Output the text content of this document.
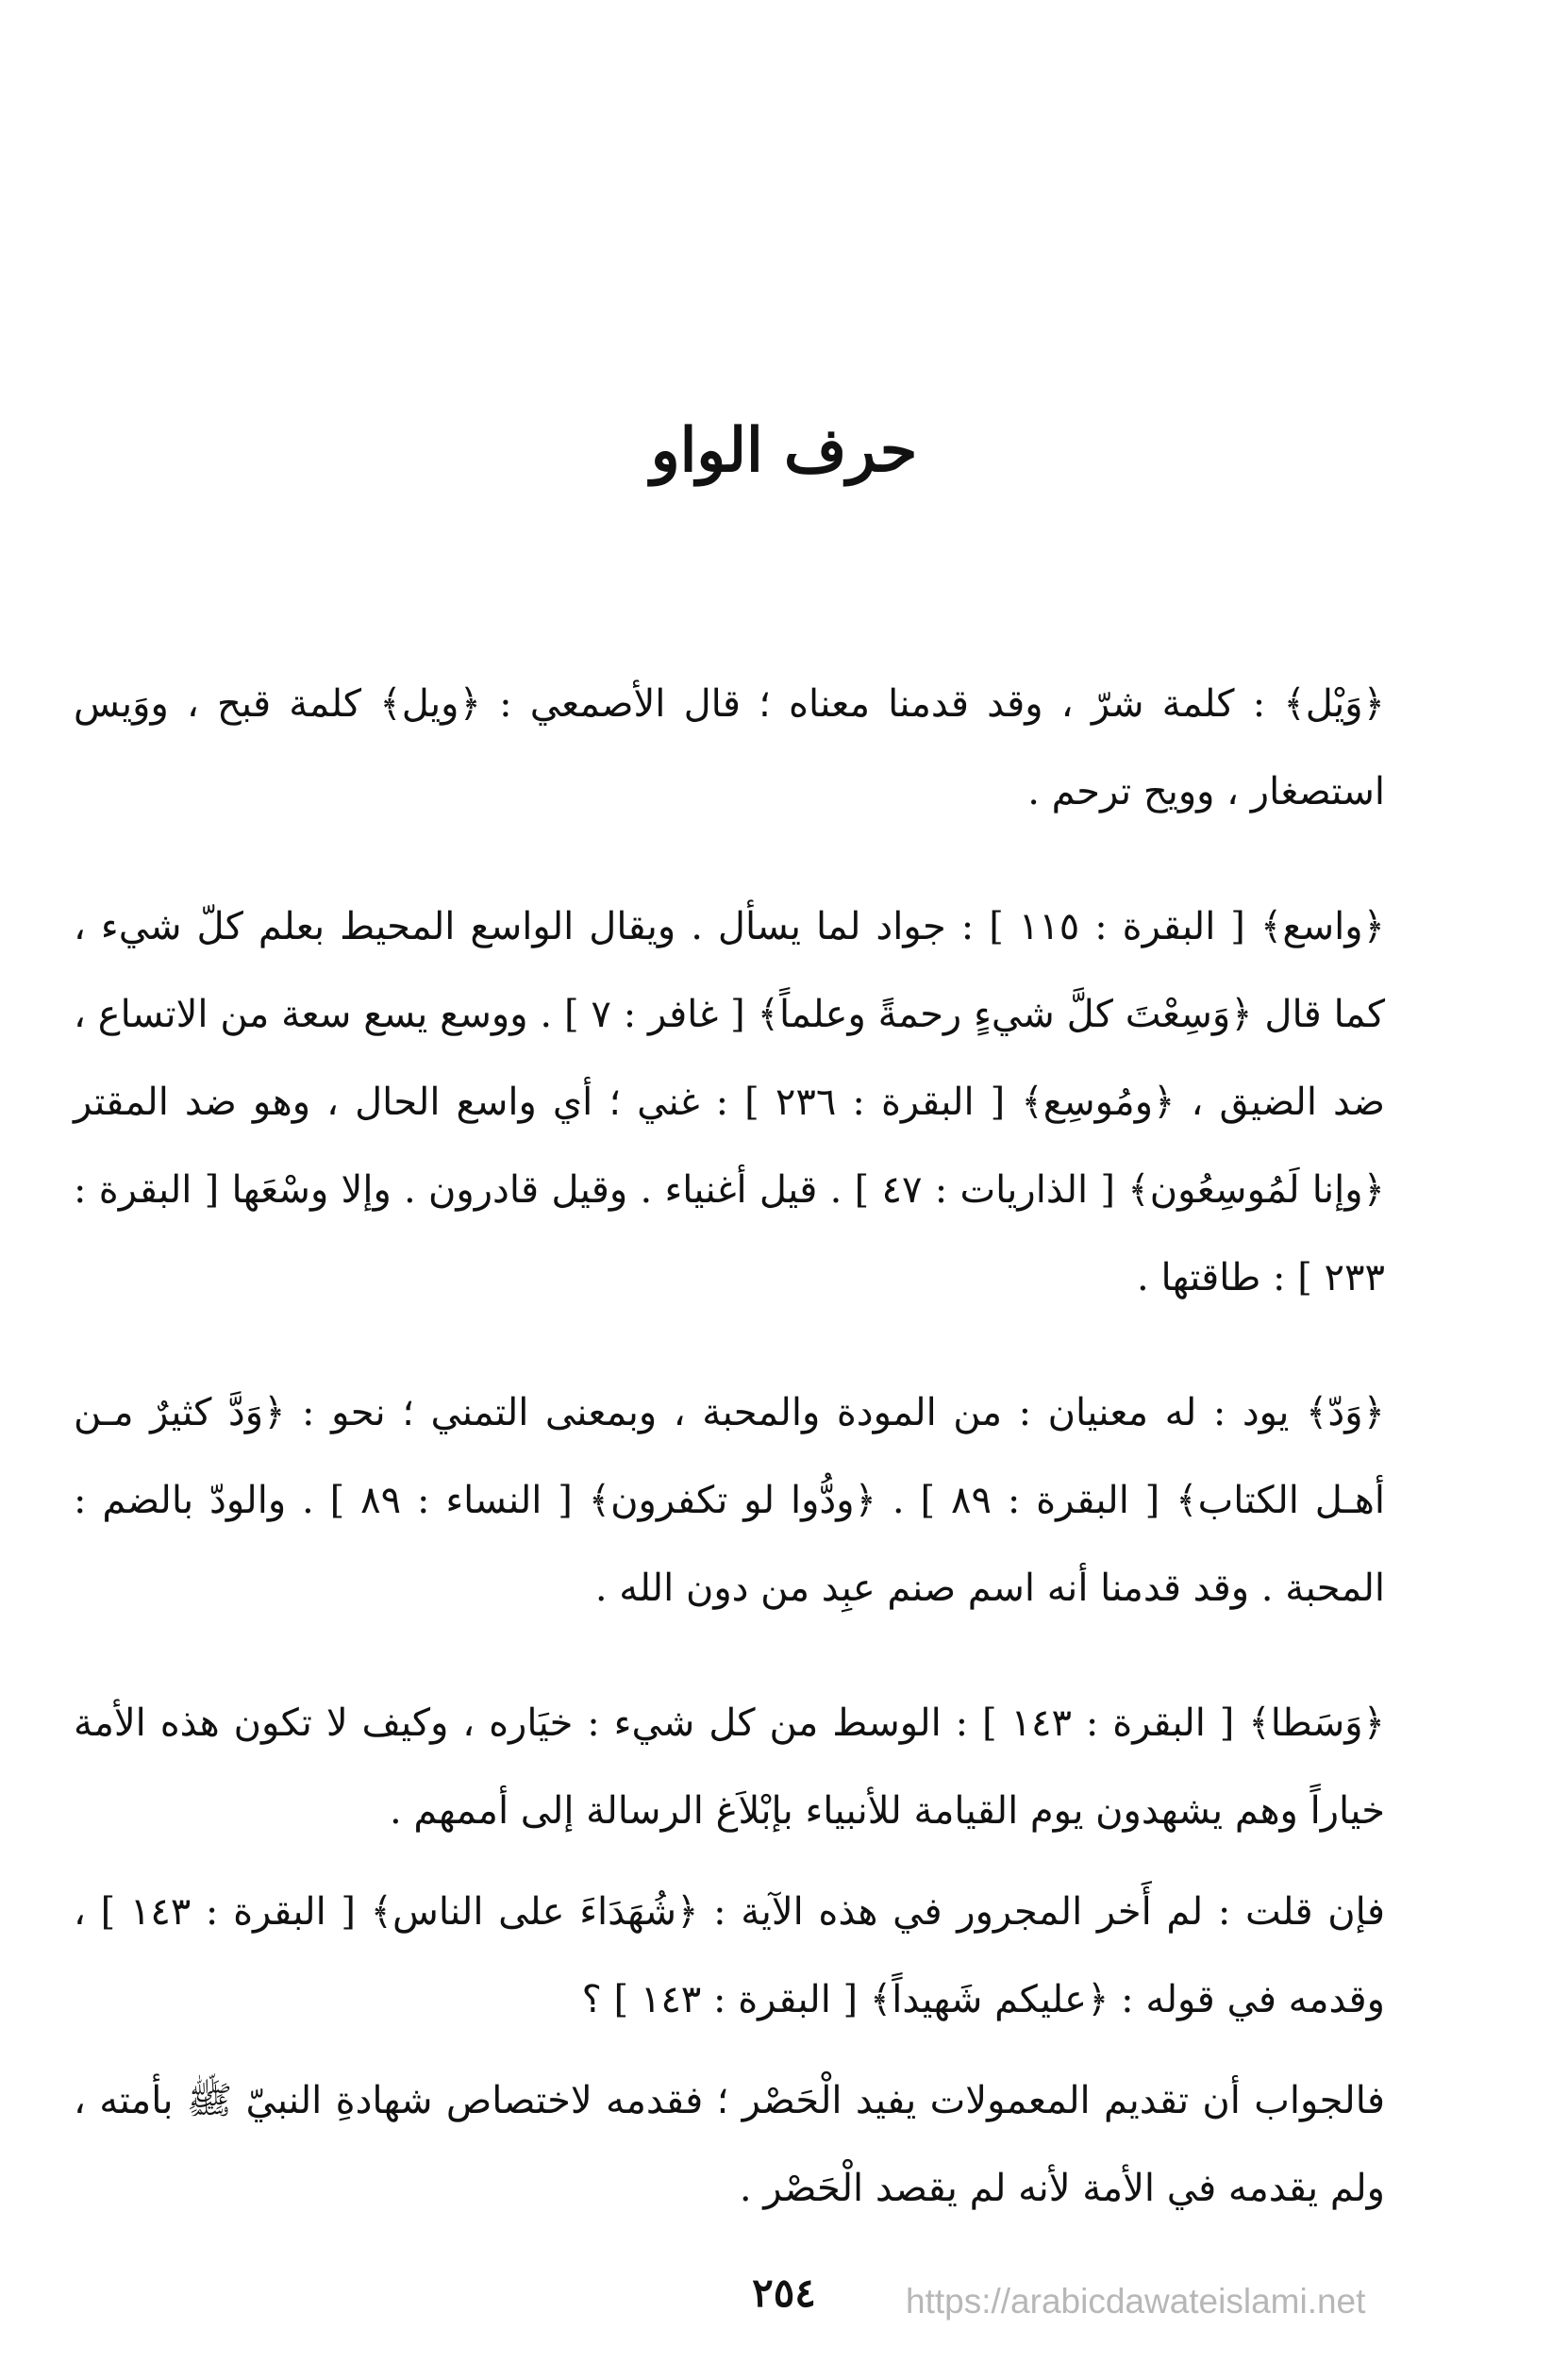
حرف الواو

﴿وَيْل﴾ : كلمة شرّ ، وقد قدمنا معناه ؛ قال الأصمعي : ﴿ويل﴾ كلمة قبح ، ووَيس استصغار ، وويح ترحم .

﴿واسع﴾ [ البقرة : ١١٥ ] : جواد لما يسأل . ويقال الواسع المحيط بعلم كلّ شيء ، كما قال ﴿وَسِعْتَ كلَّ شيءٍ رحمةً وعلماً﴾ [ غافر : ٧ ] . ووسع يسع سعة من الاتساع ، ضد الضيق ، ﴿ومُوسِع﴾ [ البقرة : ٢٣٦ ] : غني ؛ أي واسع الحال ، وهو ضد المقتر ﴿وإنا لَمُوسِعُون﴾ [ الذاريات : ٤٧ ] . قيل أغنياء . وقيل قادرون . وإلا وسْعَها [ البقرة : ٢٣٣ ] : طاقتها .

﴿وَدّ﴾ يود : له معنيان : من المودة والمحبة ، وبمعنى التمني ؛ نحو : ﴿وَدَّ كثيرٌ مـن أهـل الكتاب﴾ [ البقرة : ٨٩ ] . ﴿ودُّوا لو تكفرون﴾ [ النساء : ٨٩ ] . والودّ بالضم : المحبة . وقد قدمنا أنه اسم صنم عبِد من دون الله .

﴿وَسَطا﴾ [ البقرة : ١٤٣ ] : الوسط من كل شيء : خيَاره ، وكيف لا تكون هذه الأمة خياراً وهم يشهدون يوم القيامة للأنبياء بإبْلاَغ الرسالة إلى أممهم .

فإن قلت : لم أَخر المجرور في هذه الآية : ﴿شُهَدَاءَ على الناس﴾ [ البقرة : ١٤٣ ] ، وقدمه في قوله : ﴿عليكم شَهيداً﴾ [ البقرة : ١٤٣ ] ؟

فالجواب أن تقديم المعمولات يفيد الْحَصْر ؛ فقدمه لاختصاص شهادةِ النبيّ ﷺ بأمته ، ولم يقدمه في الأمة لأنه لم يقصد الْحَصْر .

٢٥٤	https://arabicdawateislami.net
